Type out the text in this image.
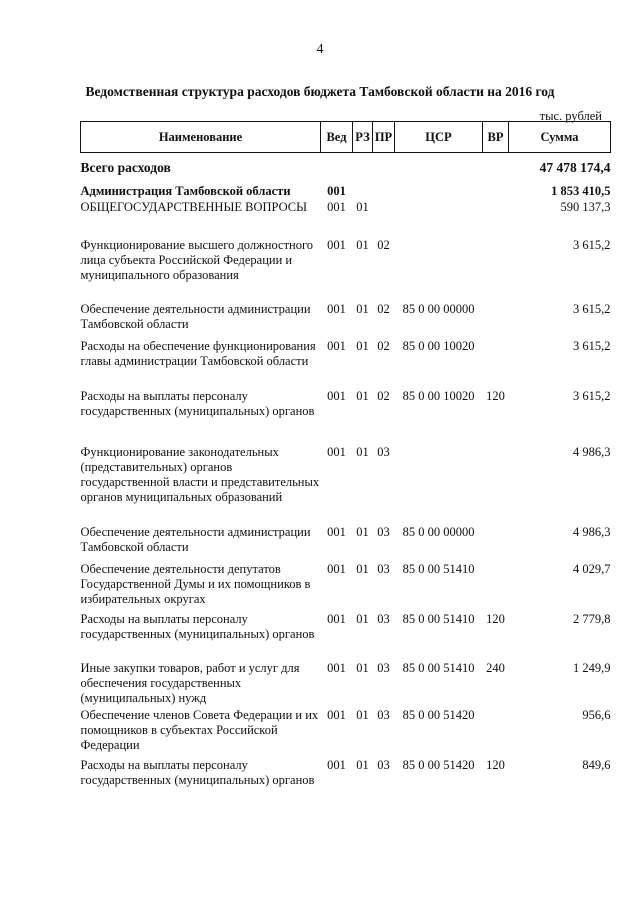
4
Ведомственная структура расходов бюджета Тамбовской области на 2016 год
тыс. рублей
Наименование	Вед	РЗ	ПР	ЦСР	ВР	Сумма
Всего расходов						47 478 174,4
Администрация Тамбовской области	001					1 853 410,5
ОБЩЕГОСУДАРСТВЕННЫЕ ВОПРОСЫ	001	01				590 137,3
Функционирование высшего должностного лица субъекта Российской Федерации и муниципального образования	001	01	02			3 615,2
Обеспечение деятельности администрации Тамбовской области	001	01	02	85 0 00 00000		3 615,2
Расходы на обеспечение функционирования главы администрации Тамбовской области	001	01	02	85 0 00 10020		3 615,2
Расходы на выплаты персоналу государственных (муниципальных) органов	001	01	02	85 0 00 10020	120	3 615,2
Функционирование законодательных (представительных) органов государственной власти и представительных органов муниципальных образований	001	01	03			4 986,3
Обеспечение деятельности администрации Тамбовской области	001	01	03	85 0 00 00000		4 986,3
Обеспечение деятельности депутатов Государственной Думы и их помощников в избирательных округах	001	01	03	85 0 00 51410		4 029,7
Расходы на выплаты персоналу государственных (муниципальных) органов	001	01	03	85 0 00 51410	120	2 779,8
Иные закупки товаров, работ и услуг для обеспечения государственных (муниципальных) нужд	001	01	03	85 0 00 51410	240	1 249,9
Обеспечение членов Совета Федерации и их помощников в субъектах Российской Федерации	001	01	03	85 0 00 51420		956,6
Расходы на выплаты персоналу государственных (муниципальных) органов	001	01	03	85 0 00 51420	120	849,6
